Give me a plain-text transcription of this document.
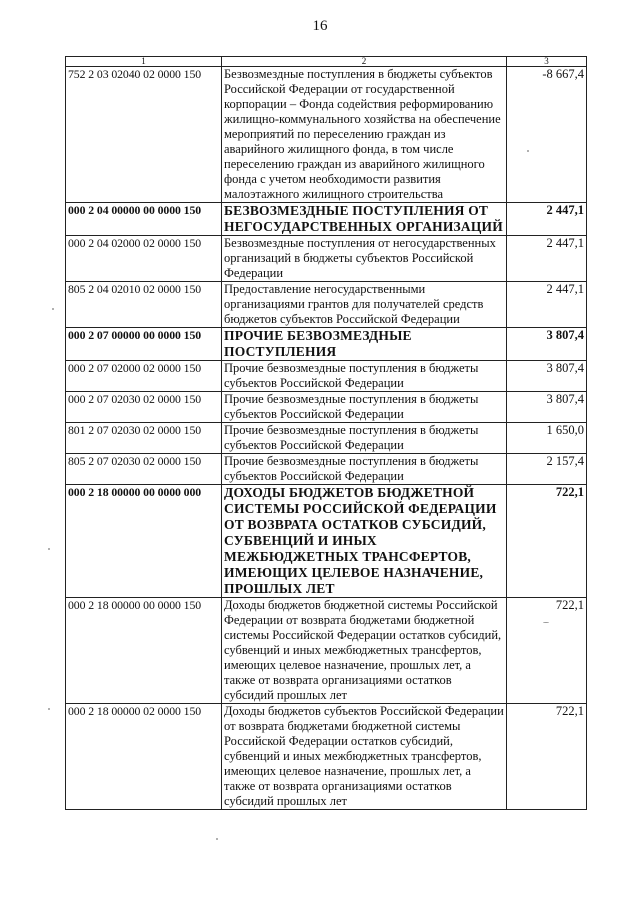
16
1	2	3
752 2 03 02040 02 0000 150	Безвозмездные поступления в бюджеты субъектов Российской Федерации от государственной корпорации – Фонда содействия реформированию жилищно-коммунального хозяйства на обеспечение мероприятий по переселению граждан из аварийного жилищного фонда, в том числе переселению граждан из аварийного жилищного фонда с учетом необходимости развития малоэтажного жилищного строительства	-8 667,4
000 2 04 00000 00 0000 150	БЕЗВОЗМЕЗДНЫЕ ПОСТУПЛЕНИЯ ОТ НЕГОСУДАРСТВЕННЫХ ОРГАНИЗАЦИЙ	2 447,1
000 2 04 02000 02 0000 150	Безвозмездные поступления от негосударственных организаций в бюджеты субъектов Российской Федерации	2 447,1
805 2 04 02010 02 0000 150	Предоставление негосударственными организациями грантов для получателей средств бюджетов субъектов Российской Федерации	2 447,1
000 2 07 00000 00 0000 150	ПРОЧИЕ БЕЗВОЗМЕЗДНЫЕ ПОСТУПЛЕНИЯ	3 807,4
000 2 07 02000 02 0000 150	Прочие безвозмездные поступления в бюджеты субъектов Российской Федерации	3 807,4
000 2 07 02030 02 0000 150	Прочие безвозмездные поступления в бюджеты субъектов Российской Федерации	3 807,4
801 2 07 02030 02 0000 150	Прочие безвозмездные поступления в бюджеты субъектов Российской Федерации	1 650,0
805 2 07 02030 02 0000 150	Прочие безвозмездные поступления в бюджеты субъектов Российской Федерации	2 157,4
000 2 18 00000 00 0000 000	ДОХОДЫ БЮДЖЕТОВ БЮДЖЕТНОЙ СИСТЕМЫ РОССИЙСКОЙ ФЕДЕРАЦИИ ОТ ВОЗВРАТА ОСТАТКОВ СУБСИДИЙ, СУБВЕНЦИЙ И ИНЫХ МЕЖБЮДЖЕТНЫХ ТРАНСФЕРТОВ, ИМЕЮЩИХ ЦЕЛЕВОЕ НАЗНАЧЕНИЕ, ПРОШЛЫХ ЛЕТ	722,1
000 2 18 00000 00 0000 150	Доходы бюджетов бюджетной системы Российской Федерации от возврата бюджетами бюджетной системы Российской Федерации остатков субсидий, субвенций и иных межбюджетных трансфертов, имеющих целевое назначение, прошлых лет, а также от возврата организациями остатков субсидий прошлых лет	722,1
000 2 18 00000 02 0000 150	Доходы бюджетов субъектов Российской Федерации от возврата бюджетами бюджетной системы Российской Федерации остатков субсидий, субвенций и иных межбюджетных трансфертов, имеющих целевое назначение, прошлых лет, а также от возврата организациями остатков субсидий прошлых лет	722,1
